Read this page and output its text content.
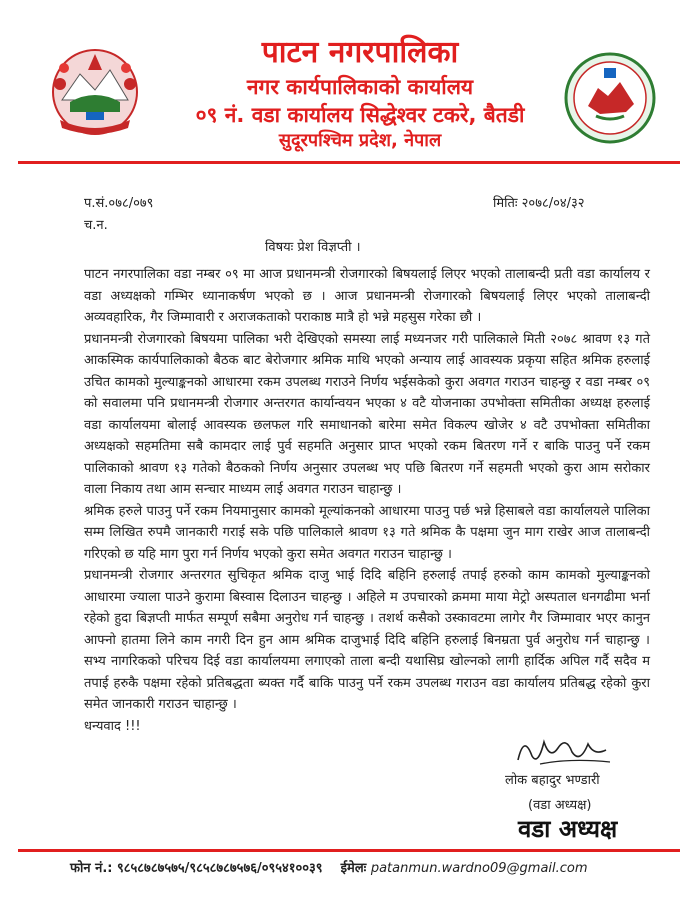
पाटन नगरपालिका
नगर कार्यपालिकाको कार्यालय
०९ नं. वडा कार्यालय सिद्धेश्वर टकरे, बैतडी
सुदूरपश्चिम प्रदेश, नेपाल
प.सं.०७८/०७९
च.न.
मितिः २०७८/०४/३२
विषयः प्रेश विज्ञप्ती ।

पाटन नगरपालिका वडा नम्बर ०९ मा आज प्रधानमन्त्री रोजगारको बिषयलाई लिएर भएको तालाबन्दी प्रती वडा कार्यालय र वडा अध्यक्षको गम्भिर ध्यानाकर्षण भएको छ । आज प्रधानमन्त्री रोजगारको बिषयलाई लिएर भएको तालाबन्दी अव्यवहारिक, गैर जिम्मावारी र अराजकताको पराकाष्ठ मात्रै हो भन्ने महसुस गरेका छौ ।

प्रधानमन्त्री रोजगारको बिषयमा पालिका भरी देखिएको समस्या लाई मध्यनजर गरी पालिकाले मिती २०७८ श्रावण १३ गते आकस्मिक कार्यपालिकाको बैठक बाट बेरोजगार श्रमिक माथि भएको अन्याय लाई आवस्यक प्रकृया सहित श्रमिक हरुलाई उचित कामको मुल्याङ्कनको आधारमा रकम उपलब्ध गराउने निर्णय भईसकेको कुरा अवगत गराउन चाहन्छु र वडा नम्बर ०९ को सवालमा पनि प्रधानमन्त्री रोजगार अन्तरगत कार्यान्वयन भएका ४ वटै योजनाका उपभोक्ता समितीका अध्यक्ष हरुलाई वडा कार्यालयमा बोलाई आवस्यक छलफल गरि समाधानको बारेमा समेत विकल्प खोजेर ४ वटै उपभोक्ता समितीका अध्यक्षको सहमतिमा सबै कामदार लाई पुर्व सहमति अनुसार प्राप्त भएको रकम बितरण गर्ने र बाकि पाउनु पर्ने रकम पालिकाको श्रावण १३ गतेको बैठकको निर्णय अनुसार उपलब्ध भए पछि बितरण गर्ने सहमती भएको कुरा आम सरोकार वाला निकाय तथा आम सन्चार माध्यम लाई अवगत गराउन चाहान्छु ।

श्रमिक हरुले पाउनु पर्ने रकम नियमानुसार कामको मूल्यांकनको आधारमा पाउनु पर्छ भन्ने हिसाबले वडा कार्यालयले पालिका सम्म लिखित रुपमै जानकारी गराई सके पछि पालिकाले श्रावण १३ गते श्रमिक कै पक्षमा जुन माग राखेर आज तालाबन्दी गरिएको छ यहि माग पुरा गर्न निर्णय भएको कुरा समेत अवगत गराउन चाहान्छु ।

प्रधानमन्त्री रोजगार अन्तरगत सुचिकृत श्रमिक दाजु भाई दिदि बहिनि हरुलाई तपाई हरुको काम कामको मुल्याङ्कनको आधारमा ज्याला पाउने कुरामा बिस्वास दिलाउन चाहन्छु । अहिले म उपचारको क्रममा माया मेट्रो अस्पताल धनगढीमा भर्ना रहेको हुदा बिज्ञप्ती मार्फत सम्पूर्ण सबैमा अनुरोध गर्न चाहन्छु । तशर्थ कसैको उस्कावटमा लागेर गैर जिम्मावार भएर कानुन आफ्नो हातमा लिने काम नगरी दिन हुन आम श्रमिक दाजुभाई दिदि बहिनि हरुलाई बिनम्रता पुर्व अनुरोध गर्न चाहान्छु । सभ्य नागरिकको परिचय दिई वडा कार्यालयमा लगाएको ताला बन्दी यथासिघ्र खोल्नको लागी हार्दिक अपिल गर्दै सदैव म तपाई हरुकै पक्षमा रहेको प्रतिबद्धता ब्यक्त गर्दै बाकि पाउनु पर्ने रकम उपलब्ध गराउन वडा कार्यालय प्रतिबद्ध रहेको कुरा समेत जानकारी गराउन चाहान्छु ।

धन्यवाद !!!

लोक बहादुर भण्डारी
(वडा अध्यक्ष)
वडा अध्यक्ष
फोन नं.: ९८५८७८७५७५/९८५८७८७५७६/०९५४१००३९ ईमेलः patanmun.wardno09@gmail.com
